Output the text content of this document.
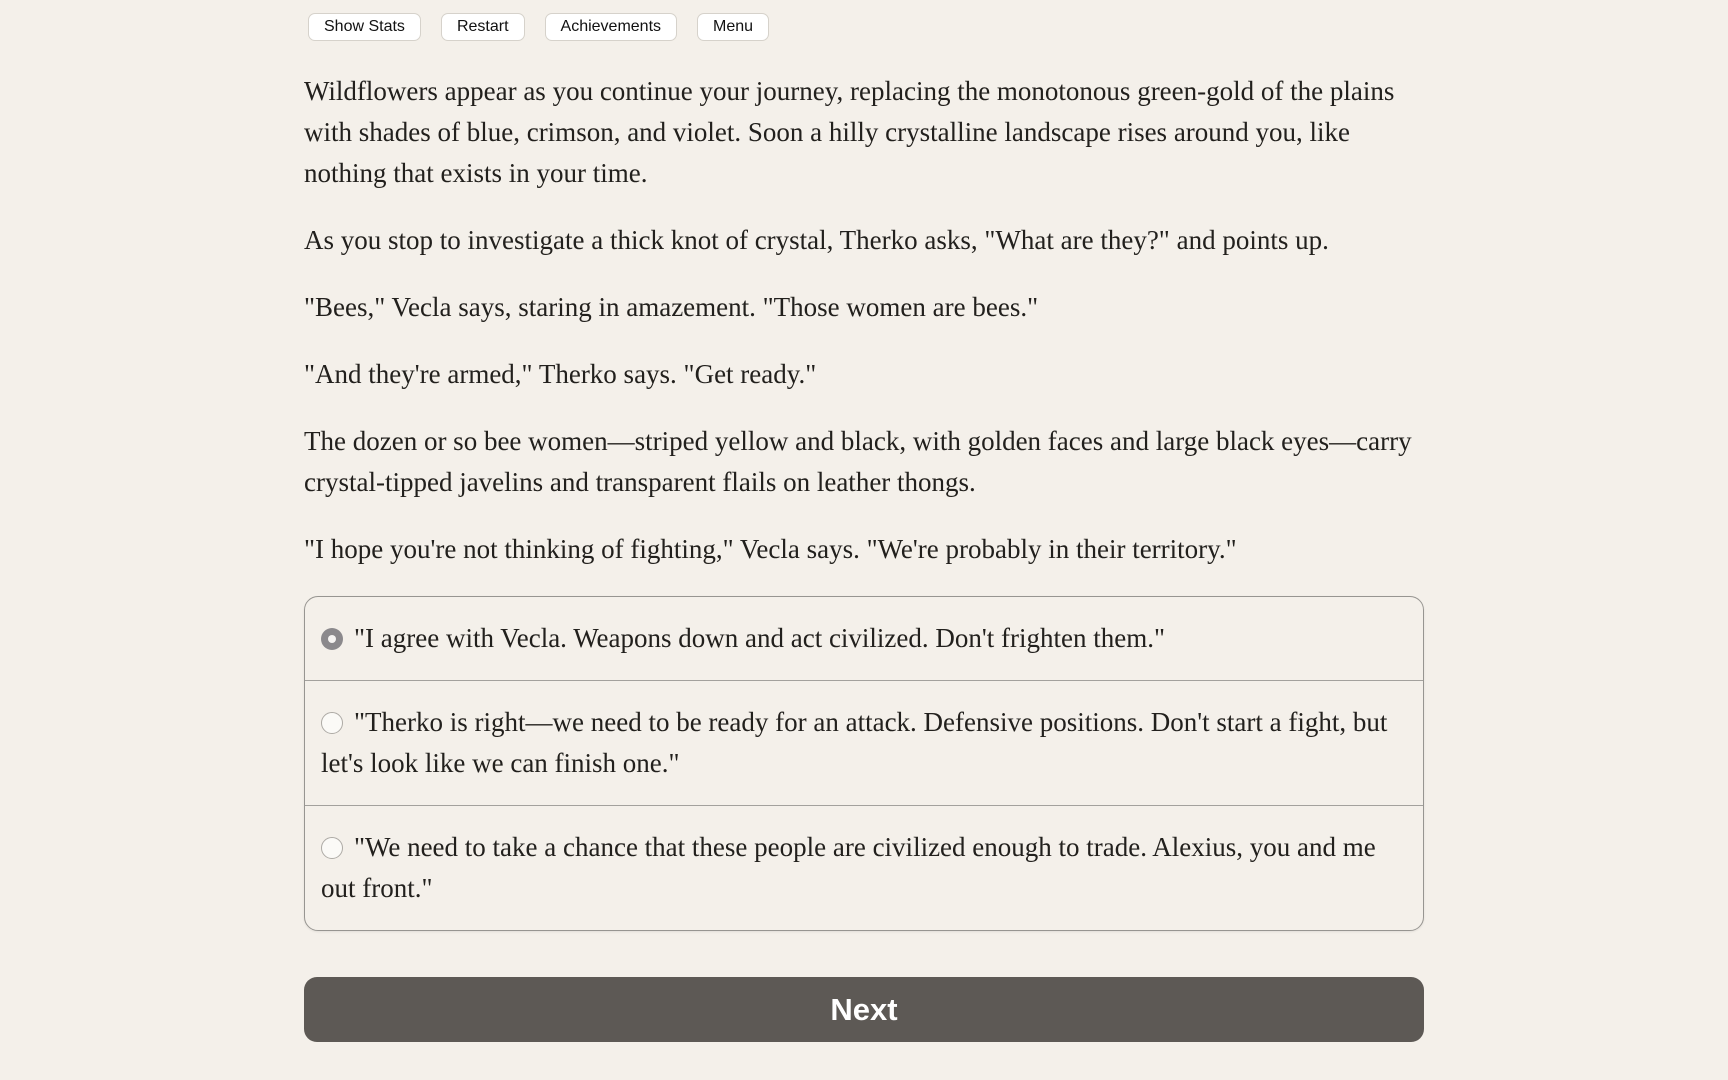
Show Stats	Restart	Achievements	Menu

Wildflowers appear as you continue your journey, replacing the monotonous green-gold of the plains with shades of blue, crimson, and violet. Soon a hilly crystalline landscape rises around you, like nothing that exists in your time.

As you stop to investigate a thick knot of crystal, Therko asks, "What are they?" and points up.

"Bees," Vecla says, staring in amazement. "Those women are bees."

"And they're armed," Therko says. "Get ready."

The dozen or so bee women—striped yellow and black, with golden faces and large black eyes—carry crystal-tipped javelins and transparent flails on leather thongs.

"I hope you're not thinking of fighting," Vecla says. "We're probably in their territory."

"I agree with Vecla. Weapons down and act civilized. Don't frighten them."
"Therko is right—we need to be ready for an attack. Defensive positions. Don't start a fight, but let's look like we can finish one."
"We need to take a chance that these people are civilized enough to trade. Alexius, you and me out front."
Next
